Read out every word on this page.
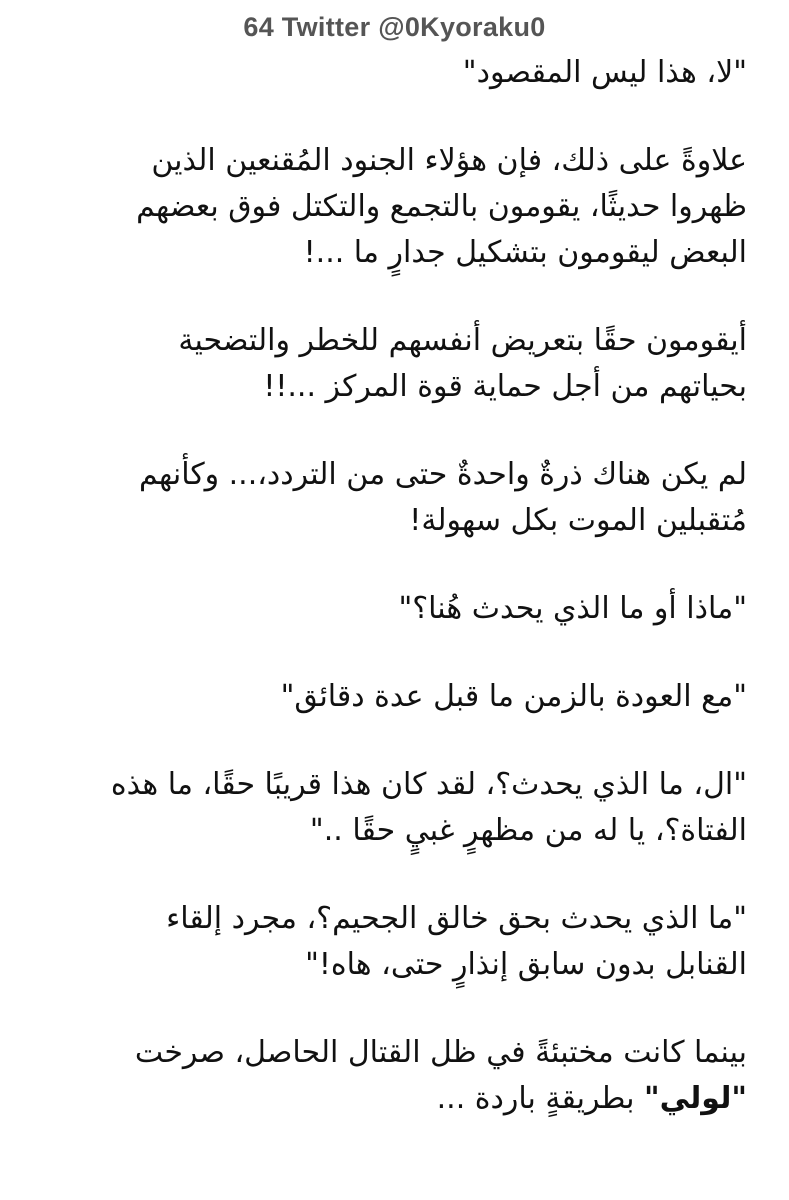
64 Twitter @0Kyoraku0
"لا، هذا ليس المقصود"
علاوةً على ذلك، فإن هؤلاء الجنود المُقنعين الذين
ظهروا حديثًا، يقومون بالتجمع والتكتل فوق بعضهم
البعض ليقومون بتشكيل جدارٍ ما ...!
أيقومون حقًا بتعريض أنفسهم للخطر والتضحية
بحياتهم من أجل حماية قوة المركز ...!!
لم يكن هناك ذرةٌ واحدةٌ حتى من التردد،... وكأنهم
مُتقبلين الموت بكل سهولة!
"ماذا أو ما الذي يحدث هُنا؟"
"مع العودة بالزمن ما قبل عدة دقائق"
"ال، ما الذي يحدث؟، لقد كان هذا قريبًا حقًا، ما هذه
الفتاة؟، يا له من مظهرٍ غبيٍ حقًا .."
"ما الذي يحدث بحق خالق الجحيم؟، مجرد إلقاء
القنابل بدون سابق إنذارٍ حتى، هاه!"
بينما كانت مختبئةً في ظل القتال الحاصل، صرخت
"لولي" بطريقةٍ باردة ...
